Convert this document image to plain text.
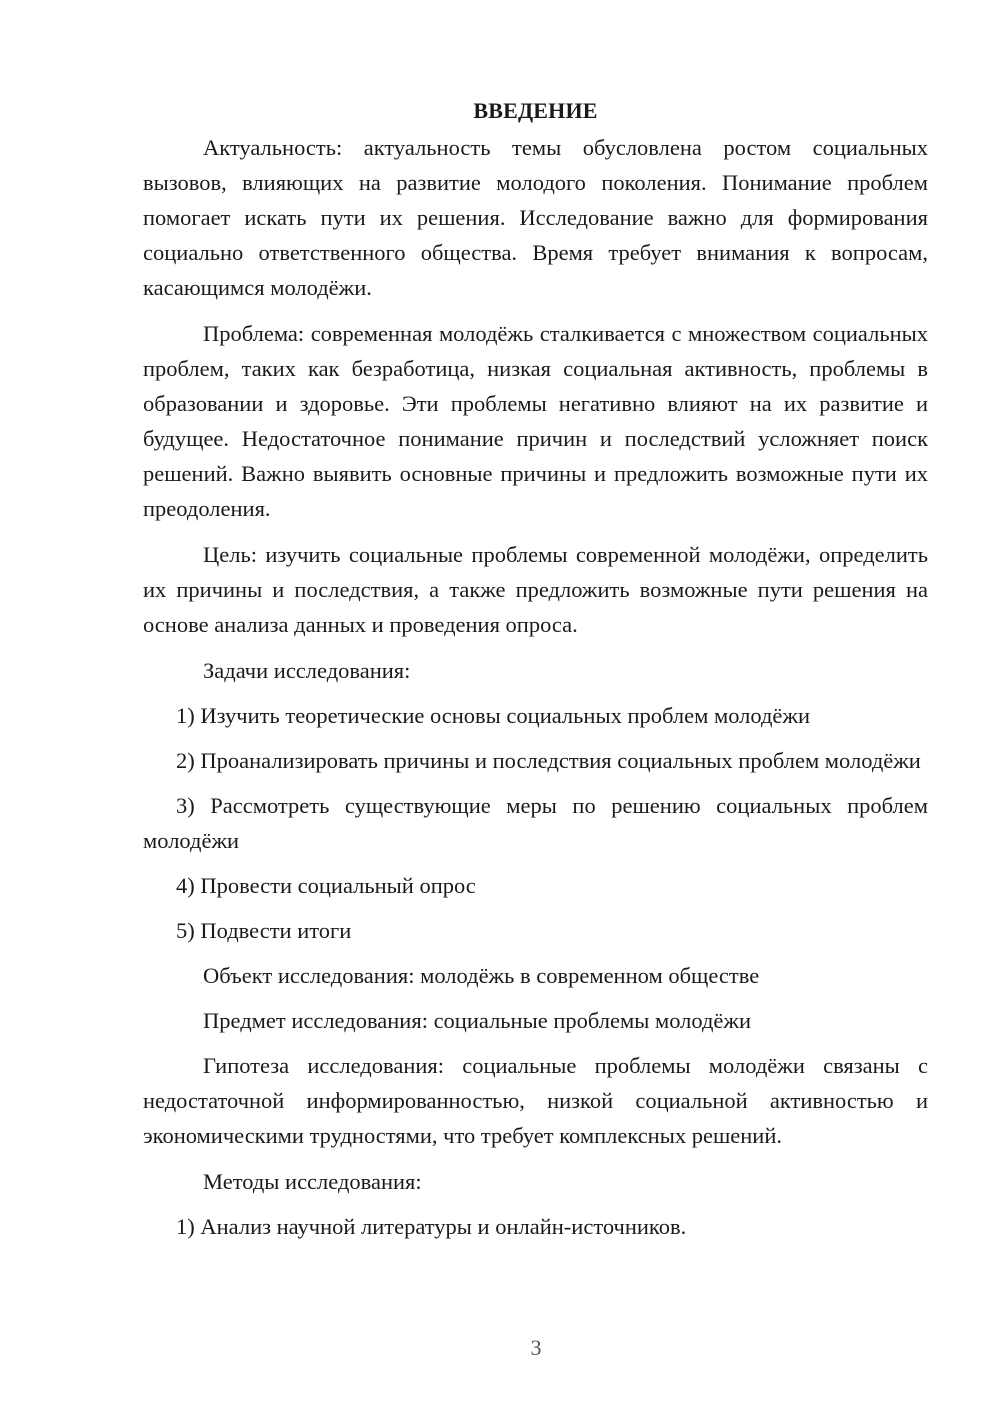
ВВЕДЕНИЕ

Актуальность: актуальность темы обусловлена ростом социальных вызовов, влияющих на развитие молодого поколения. Понимание проблем помогает искать пути их решения. Исследование важно для формирования социально ответственного общества. Время требует внимания к вопросам, касающимся молодёжи.

Проблема: современная молодёжь сталкивается с множеством социальных проблем, таких как безработица, низкая социальная активность, проблемы в образовании и здоровье. Эти проблемы негативно влияют на их развитие и будущее. Недостаточное понимание причин и последствий усложняет поиск решений. Важно выявить основные причины и предложить возможные пути их преодоления.

Цель: изучить социальные проблемы современной молодёжи, определить их причины и последствия, а также предложить возможные пути решения на основе анализа данных и проведения опроса.

Задачи исследования:

1) Изучить теоретические основы социальных проблем молодёжи

2) Проанализировать причины и последствия социальных проблем молодёжи

3) Рассмотреть существующие меры по решению социальных проблем молодёжи

4) Провести социальный опрос

5) Подвести итоги

Объект исследования: молодёжь в современном обществе

Предмет исследования: социальные проблемы молодёжи

Гипотеза исследования: социальные проблемы молодёжи связаны с недостаточной информированностью, низкой социальной активностью и экономическими трудностями, что требует комплексных решений.

Методы исследования:

1) Анализ научной литературы и онлайн-источников.

3
